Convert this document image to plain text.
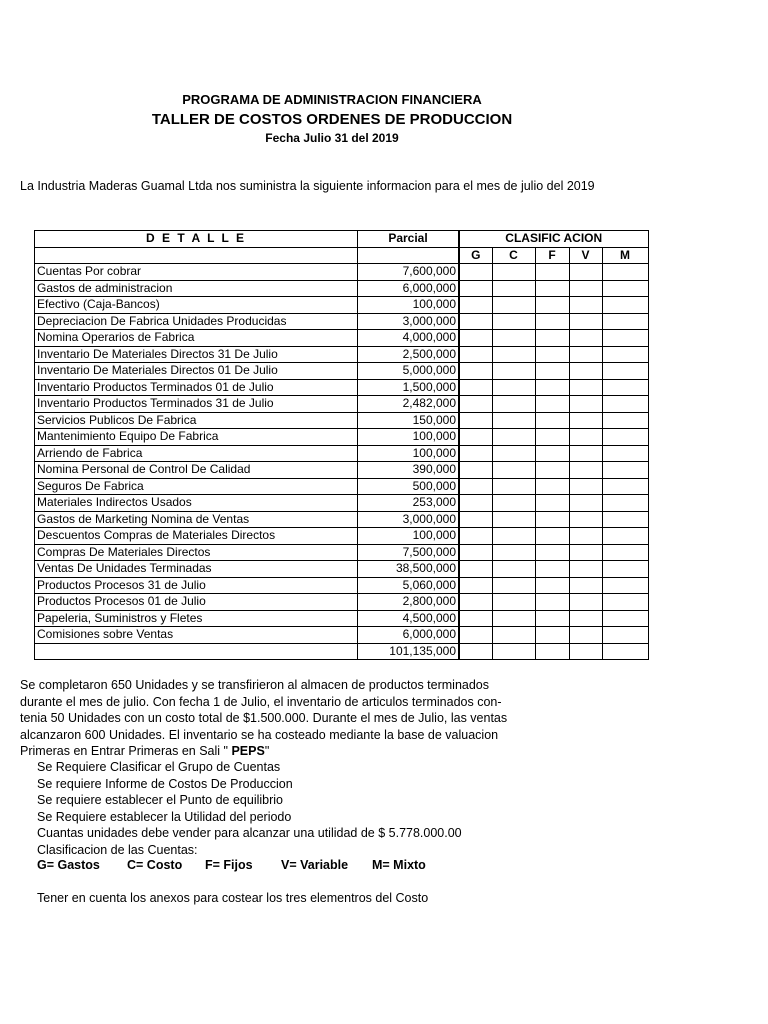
PROGRAMA DE ADMINISTRACION FINANCIERA
TALLER DE COSTOS ORDENES DE PRODUCCION
Fecha Julio 31 del 2019
La Industria Maderas Guamal Ltda nos suministra la siguiente informacion para el mes de julio del 2019
D E T A L L E	Parcial	CLASIFIC ACION				
		G	C	F	V	M
Cuentas Por cobrar	7,600,000					
Gastos de administracion	6,000,000					
Efectivo (Caja-Bancos)	100,000					
Depreciacion De Fabrica Unidades Producidas	3,000,000					
Nomina Operarios de Fabrica	4,000,000					
Inventario De Materiales Directos 31 De Julio	2,500,000					
Inventario De Materiales Directos 01 De Julio	5,000,000					
Inventario Productos Terminados 01 de Julio	1,500,000					
Inventario Productos Terminados 31 de Julio	2,482,000					
Servicios Publicos De Fabrica	150,000					
Mantenimiento Equipo De Fabrica	100,000					
Arriendo de Fabrica	100,000					
Nomina Personal de Control De Calidad	390,000					
Seguros De Fabrica	500,000					
Materiales Indirectos Usados	253,000					
Gastos de Marketing Nomina de Ventas	3,000,000					
Descuentos Compras de Materiales Directos	100,000					
Compras De Materiales Directos	7,500,000					
Ventas De Unidades Terminadas	38,500,000					
Productos Procesos 31 de Julio	5,060,000					
Productos Procesos 01 de Julio	2,800,000					
Papeleria, Suministros y Fletes	4,500,000					
Comisiones sobre Ventas	6,000,000					
	101,135,000					

Se completaron 650 Unidades y se transfirieron al almacen de productos terminados

durante el mes de julio. Con fecha 1 de Julio, el inventario de articulos terminados con-

tenia 50 Unidades con un costo total de $1.500.000. Durante el mes de Julio, las ventas

alcanzaron 600 Unidades. El inventario se ha costeado mediante la base de valuacion

Primeras en Entrar Primeras en Sali " PEPS"

Se Requiere Clasificar el Grupo de Cuentas

Se requiere Informe de Costos De Produccion

Se requiere establecer el Punto de equilibrio

Se Requiere establecer la Utilidad del periodo

Cuantas unidades debe vender para alcanzar una utilidad de $ 5.778.000.00

Clasificacion de las Cuentas:

G= Gastos C= Costo F= Fijos V= Variable M= Mixto
Tener en cuenta los anexos para costear los tres elementros del Costo
